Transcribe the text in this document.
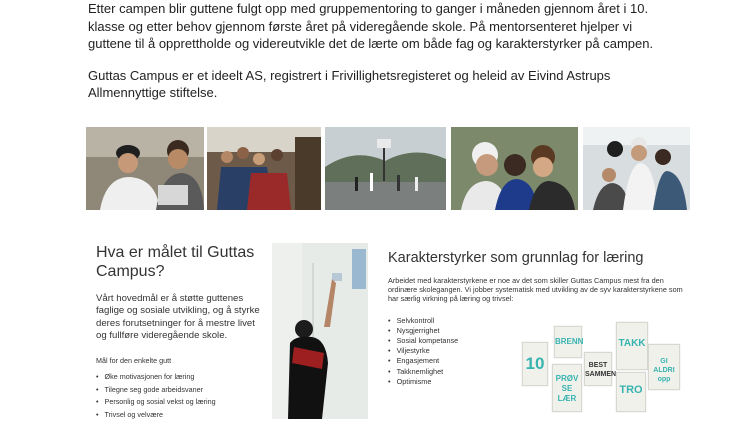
Etter campen blir guttene fulgt opp med gruppementoring to ganger i måneden gjennom året i 10. klasse og etter behov gjennom første året på videregående skole. På mentorsenteret hjelper vi guttene til å opprettholde og videreutvikle det de lærte om både fag og karakterstyrker på campen.

Guttas Campus er et ideelt AS, registrert i Frivillighetsregisteret og heleid av Eivind Astrups Allmennyttige stiftelse.

Hva er målet til Guttas Campus?
Vårt hovedmål er å støtte guttenes faglige og sosiale utvikling, og å styrke deres forutsetninger for å mestre livet og fullføre videregående skole.
Mål for den enkelte gutt
• Øke motivasjonen for læring
• Tilegne seg gode arbeidsvaner
• Personlig og sosial vekst og læring
• Trivsel og velvære
Karakterstyrker som grunnlag for læring
Arbeidet med karakterstyrkene er noe av det som skiller Guttas Campus mest fra den ordinære skolegangen. Vi jobber systematisk med utvikling av de syv karakterstyrkene som har særlig virkning på læring og trivsel:
• Selvkontroll
• Nysgjerrighet
• Sosial kompetanse
• Viljestyrke
• Engasjement
• Takknemlighet
• Optimisme
10
BRENN
PRØV SE LÆR
BEST SAMMEN
TAKK
TRO
GI ALDRI opp
